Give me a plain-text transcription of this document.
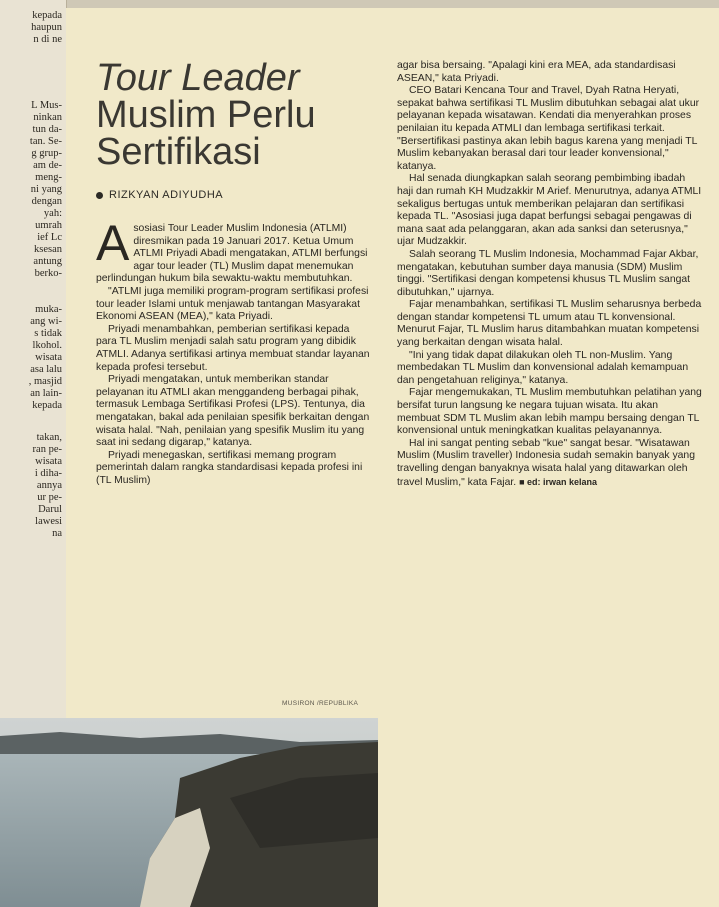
kepada
haupun
n di ne
L Mus-
ninkan
tun da-
tan. Se-
g grup-
am de-
meng-
ni yang
dengan
yah:
umrah
ief Lc
ksesan
antung
berko-
muka-
ang wi-
s tidak
lkohol.
wisata
asa lalu
, masjid
an lain-
kepada
takan,
ran pe-
wisata
i diha-
annya
ur pe-
Darul
lawesi
na
Tour Leader
Muslim Perlu
Sertifikasi
RIZKYAN ADIYUDHA

Asosiasi Tour Leader Muslim Indonesia (ATLMI) diresmikan pada 19 Januari 2017. Ketua Umum ATLMI Priyadi Abadi mengatakan, ATLMI berfungsi agar tour leader (TL) Muslim dapat menemukan perlindungan hukum bila sewaktu-waktu membutuhkan.

"ATLMI juga memiliki program-program sertifikasi profesi tour leader Islami untuk menjawab tantangan Masyarakat Ekonomi ASEAN (MEA)," kata Priyadi.

Priyadi menambahkan, pemberian sertifikasi kepada para TL Muslim menjadi salah satu program yang dibidik ATMLI. Adanya sertifikasi artinya membuat standar layanan kepada profesi tersebut.

Priyadi mengatakan, untuk memberikan standar pelayanan itu ATMLI akan menggandeng berbagai pihak, termasuk Lembaga Sertifikasi Profesi (LPS). Tentunya, dia mengatakan, bakal ada penilaian spesifik berkaitan dengan wisata halal. "Nah, penilaian yang spesifik Muslim itu yang saat ini sedang digarap," katanya.

Priyadi menegaskan, sertifikasi memang program pemerintah dalam rangka standardisasi kepada profesi ini (TL Muslim)

MUSIRON /REPUBLIKA

agar bisa bersaing. "Apalagi kini era MEA, ada standardisasi ASEAN," kata Priyadi.

CEO Batari Kencana Tour and Travel, Dyah Ratna Heryati, sepakat bahwa sertifikasi TL Muslim dibutuhkan sebagai alat ukur pelayanan kepada wisatawan. Kendati dia menyerahkan proses penilaian itu kepada ATMLI dan lembaga sertifikasi terkait. "Bersertifikasi pastinya akan lebih bagus karena yang menjadi TL Muslim kebanyakan berasal dari tour leader konvensional," katanya.

Hal senada diungkapkan salah seorang pembimbing ibadah haji dan rumah KH Mudzakkir M Arief. Menurutnya, adanya ATMLI sekaligus bertugas untuk memberikan pelajaran dan sertifikasi kepada TL. "Asosiasi juga dapat berfungsi sebagai pengawas di mana saat ada pelanggaran, akan ada sanksi dan seterusnya," ujar Mudzakkir.

Salah seorang TL Muslim Indonesia, Mochammad Fajar Akbar, mengatakan, kebutuhan sumber daya manusia (SDM) Muslim tinggi. "Sertifikasi dengan kompetensi khusus TL Muslim sangat dibutuhkan," ujarnya.

Fajar menambahkan, sertifikasi TL Muslim seharusnya berbeda dengan standar kompetensi TL umum atau TL konvensional. Menurut Fajar, TL Muslim harus ditambahkan muatan kompetensi yang berkaitan dengan wisata halal.

"Ini yang tidak dapat dilakukan oleh TL non-Muslim. Yang membedakan TL Muslim dan konvensional adalah kemampuan dan pengetahuan religinya," katanya.

Fajar mengemukakan, TL Muslim membutuhkan pelatihan yang bersifat turun langsung ke negara tujuan wisata. Itu akan membuat SDM TL Muslim akan lebih mampu bersaing dengan TL konvensional untuk meningkatkan kualitas pelayanannya.

Hal ini sangat penting sebab "kue" sangat besar. "Wisatawan Muslim (Muslim traveller) Indonesia sudah semakin banyak yang travelling dengan banyaknya wisata halal yang ditawarkan oleh travel Muslim," kata Fajar. ■ ed: irwan kelana
